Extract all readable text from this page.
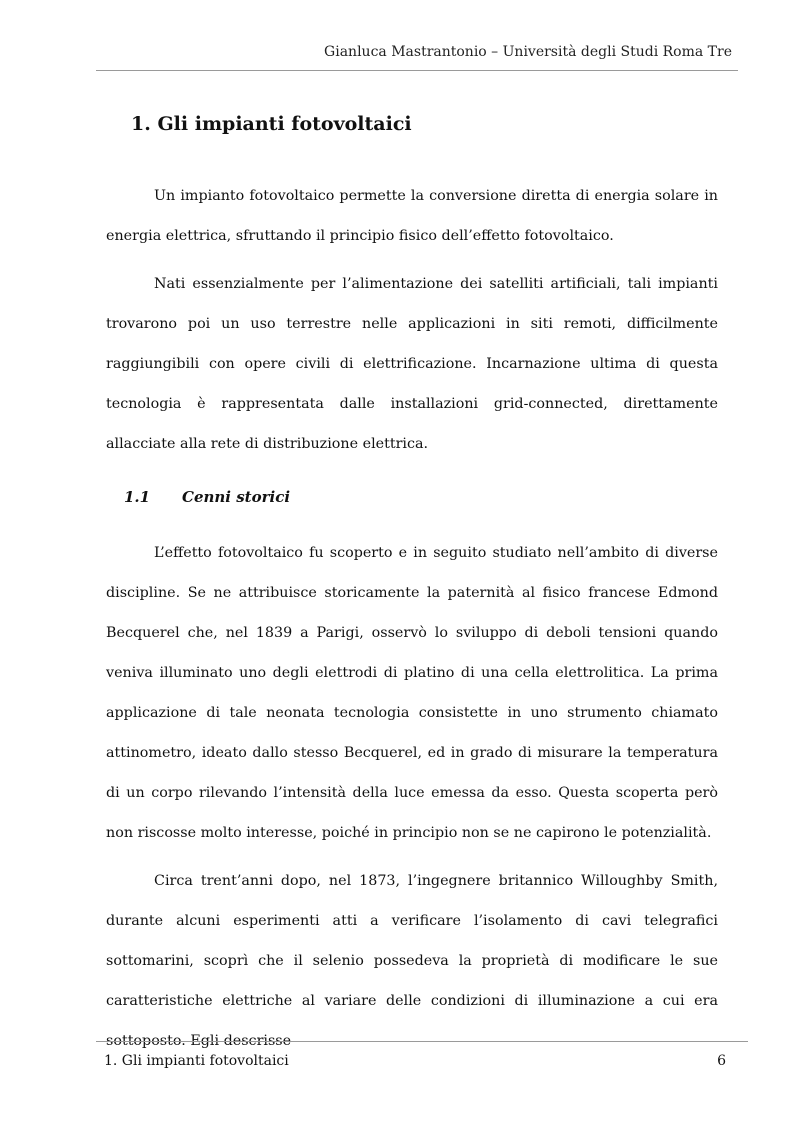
Gianluca Mastrantonio – Università degli Studi Roma Tre
1. Gli impianti fotovoltaici

Un impianto fotovoltaico permette la conversione diretta di energia solare in energia elettrica, sfruttando il principio fisico dell’effetto fotovoltaico.

Nati essenzialmente per l’alimentazione dei satelliti artificiali, tali impianti trovarono poi un uso terrestre nelle applicazioni in siti remoti, difficilmente raggiungibili con opere civili di elettrificazione. Incarnazione ultima di questa tecnologia è rappresentata dalle installazioni grid-connected, direttamente allacciate alla rete di distribuzione elettrica.

1.1 Cenni storici

L’effetto fotovoltaico fu scoperto e in seguito studiato nell’ambito di diverse discipline. Se ne attribuisce storicamente la paternità al fisico francese Edmond Becquerel che, nel 1839 a Parigi, osservò lo sviluppo di deboli tensioni quando veniva illuminato uno degli elettrodi di platino di una cella elettrolitica. La prima applicazione di tale neonata tecnologia consistette in uno strumento chiamato attinometro, ideato dallo stesso Becquerel, ed in grado di misurare la temperatura di un corpo rilevando l’intensità della luce emessa da esso. Questa scoperta però non riscosse molto interesse, poiché in principio non se ne capirono le potenzialità.

Circa trent’anni dopo, nel 1873, l’ingegnere britannico Willoughby Smith, durante alcuni esperimenti atti a verificare l’isolamento di cavi telegrafici sottomarini, scoprì che il selenio possedeva la proprietà di modificare le sue caratteristiche elettriche al variare delle condizioni di illuminazione a cui era sottoposto. Egli descrisse

1. Gli impianti fotovoltaici	6
